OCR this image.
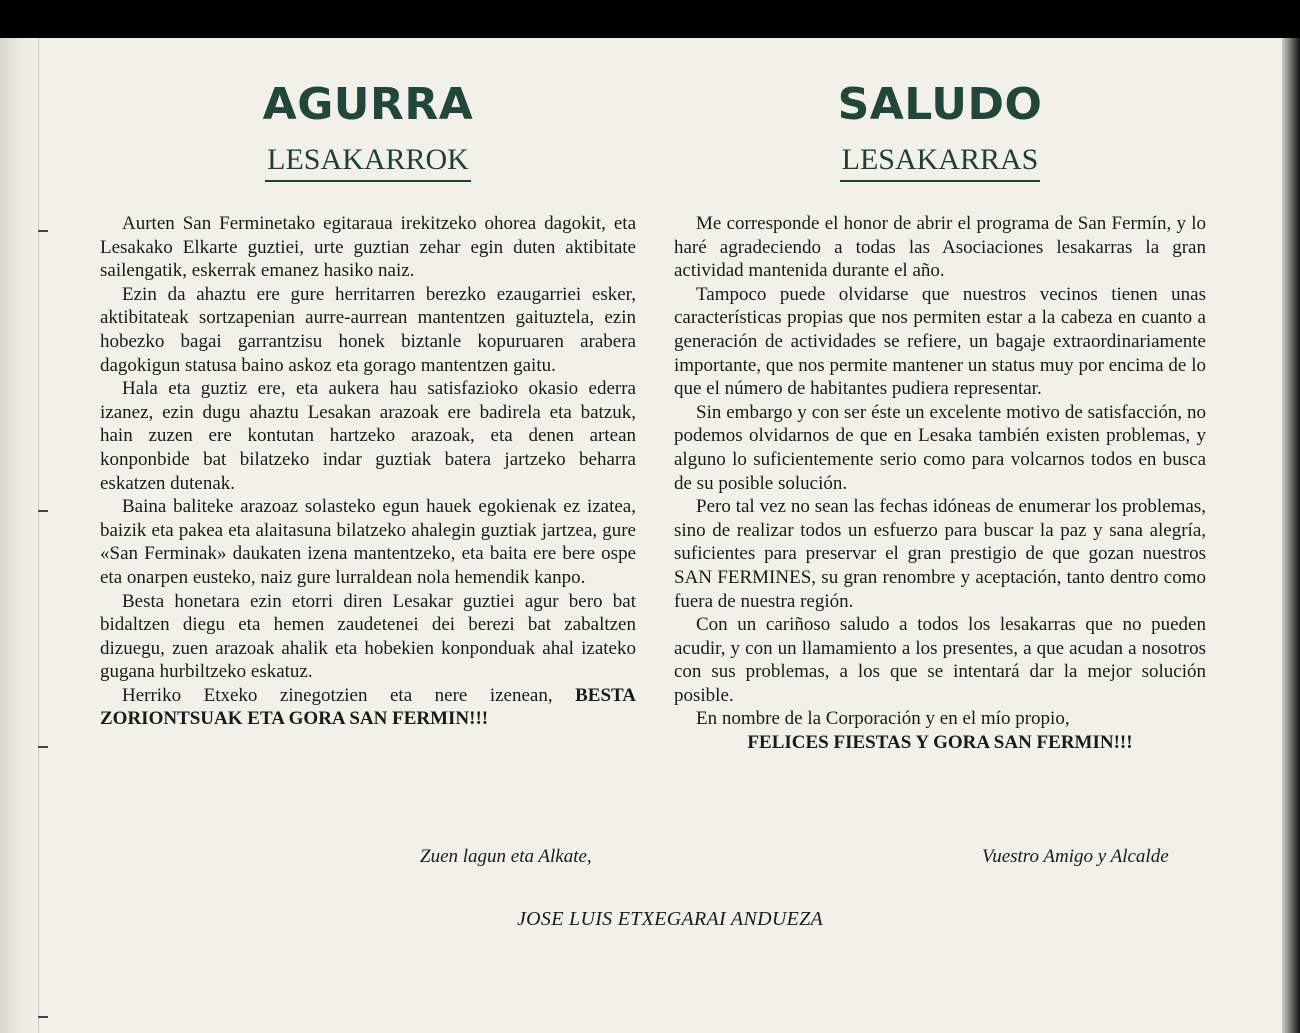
AGURRA
LESAKARROK

Aurten San Ferminetako egitaraua irekitzeko ohorea dagokit, eta Lesakako Elkarte guztiei, urte guztian zehar egin duten aktibitate sailengatik, eskerrak emanez hasiko naiz.

Ezin da ahaztu ere gure herritarren berezko ezaugarriei esker, aktibitateak sortzapenian aurre-aurrean mantentzen gaituztela, ezin hobezko bagai garrantzisu honek biztanle kopuruaren arabera dagokigun statusa baino askoz eta gorago mantentzen gaitu.

Hala eta guztiz ere, eta aukera hau satisfazioko okasio ederra izanez, ezin dugu ahaztu Lesakan arazoak ere badirela eta batzuk, hain zuzen ere kontutan hartzeko arazoak, eta denen artean konponbide bat bilatzeko indar guztiak batera jartzeko beharra eskatzen dutenak.

Baina baliteke arazoaz solasteko egun hauek egokienak ez izatea, baizik eta pakea eta alaitasuna bilatzeko ahalegin guztiak jartzea, gure «San Ferminak» daukaten izena mantentzeko, eta baita ere bere ospe eta onarpen eusteko, naiz gure lurraldean nola hemendik kanpo.

Besta honetara ezin etorri diren Lesakar guztiei agur bero bat bidaltzen diegu eta hemen zaudetenei dei berezi bat zabaltzen dizuegu, zuen arazoak ahalik eta hobekien konponduak ahal izateko gugana hurbiltzeko eskatuz.

Herriko Etxeko zinegotzien eta nere izenean, BESTA ZORIONTSUAK ETA GORA SAN FERMIN!!!

SALUDO
LESAKARRAS

Me corresponde el honor de abrir el programa de San Fermín, y lo haré agradeciendo a todas las Asociaciones lesakarras la gran actividad mantenida durante el año.

Tampoco puede olvidarse que nuestros vecinos tienen unas características propias que nos permiten estar a la cabeza en cuanto a generación de actividades se refiere, un bagaje extraordinariamente importante, que nos permite mantener un status muy por encima de lo que el número de habitantes pudiera representar.

Sin embargo y con ser éste un excelente motivo de satisfacción, no podemos olvidarnos de que en Lesaka también existen problemas, y alguno lo suficientemente serio como para volcarnos todos en busca de su posible solución.

Pero tal vez no sean las fechas idóneas de enumerar los problemas, sino de realizar todos un esfuerzo para buscar la paz y sana alegría, suficientes para preservar el gran prestigio de que gozan nuestros SAN FERMINES, su gran renombre y aceptación, tanto dentro como fuera de nuestra región.

Con un cariñoso saludo a todos los lesakarras que no pueden acudir, y con un llamamiento a los presentes, a que acudan a nosotros con sus problemas, a los que se intentará dar la mejor solución posible.

En nombre de la Corporación y en el mío propio,

FELICES FIESTAS Y GORA SAN FERMIN!!!

Zuen lagun eta Alkate,	Vuestro Amigo y Alcalde
JOSE LUIS ETXEGARAI ANDUEZA
